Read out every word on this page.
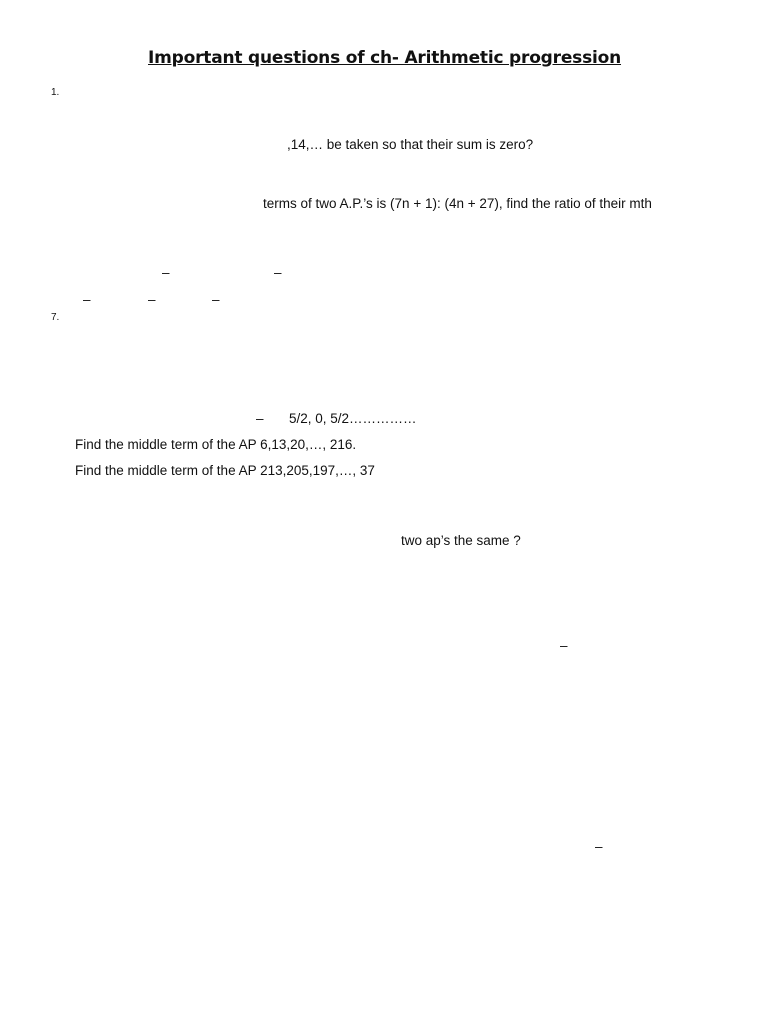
Important questions of ch- Arithmetic progression
1.
,14,… be taken so that their sum is zero?
terms of two A.P.’s is (7n + 1): (4n + 27), find the ratio of their mth
–	–
–	–	–
7.
– 5/2, 0, 5/2……………
Find the middle term of the AP 6,13,20,…, 216.
Find the middle term of the AP 213,205,197,…, 37
two ap’s the same ?
–
–
